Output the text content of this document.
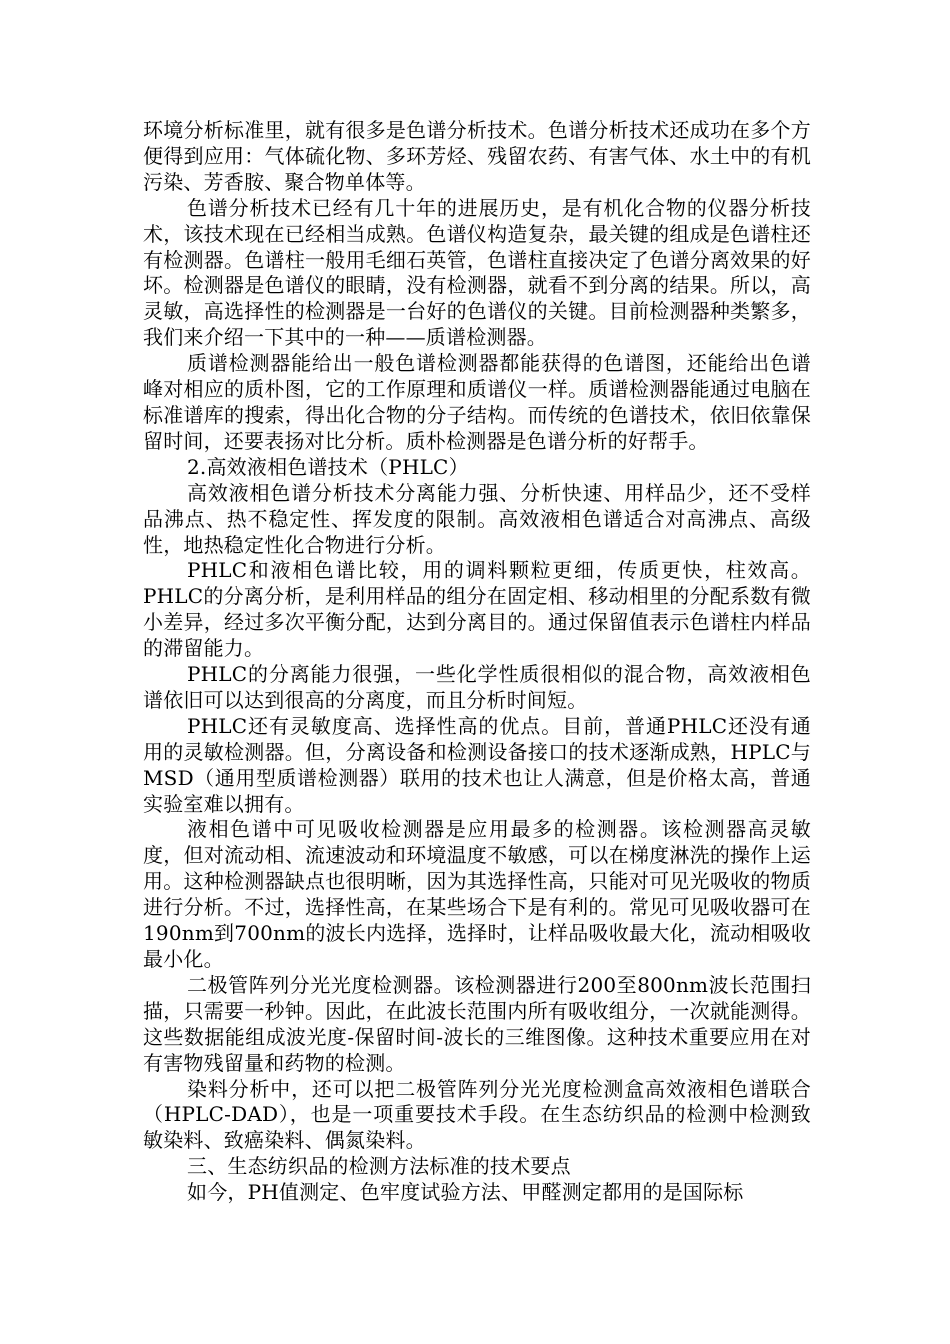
环境分析标准里，就有很多是色谱分析技术。色谱分析技术还成功在多个方便得到应用：气体硫化物、多环芳烃、残留农药、有害气体、水土中的有机污染、芳香胺、聚合物单体等。

色谱分析技术已经有几十年的进展历史，是有机化合物的仪器分析技术，该技术现在已经相当成熟。色谱仪构造复杂，最关键的组成是色谱柱还有检测器。色谱柱一般用毛细石英管，色谱柱直接决定了色谱分离效果的好坏。检测器是色谱仪的眼睛，没有检测器，就看不到分离的结果。所以，高灵敏，高选择性的检测器是一台好的色谱仪的关键。目前检测器种类繁多，我们来介绍一下其中的一种——质谱检测器。

质谱检测器能给出一般色谱检测器都能获得的色谱图，还能给出色谱峰对相应的质朴图，它的工作原理和质谱仪一样。质谱检测器能通过电脑在标准谱库的搜索，得出化合物的分子结构。而传统的色谱技术，依旧依靠保留时间，还要表扬对比分析。质朴检测器是色谱分析的好帮手。

2.高效液相色谱技术（PHLC）

高效液相色谱分析技术分离能力强、分析快速、用样品少，还不受样品沸点、热不稳定性、挥发度的限制。高效液相色谱适合对高沸点、高级性，地热稳定性化合物进行分析。

PHLC和液相色谱比较，用的调料颗粒更细，传质更快，柱效高。PHLC的分离分析，是利用样品的组分在固定相、移动相里的分配系数有微小差异，经过多次平衡分配，达到分离目的。通过保留值表示色谱柱内样品的滞留能力。

PHLC的分离能力很强，一些化学性质很相似的混合物，高效液相色谱依旧可以达到很高的分离度，而且分析时间短。

PHLC还有灵敏度高、选择性高的优点。目前，普通PHLC还没有通用的灵敏检测器。但，分离设备和检测设备接口的技术逐渐成熟，HPLC与MSD（通用型质谱检测器）联用的技术也让人满意，但是价格太高，普通实验室难以拥有。

液相色谱中可见吸收检测器是应用最多的检测器。该检测器高灵敏度，但对流动相、流速波动和环境温度不敏感，可以在梯度淋洗的操作上运用。这种检测器缺点也很明晰，因为其选择性高，只能对可见光吸收的物质进行分析。不过，选择性高，在某些场合下是有利的。常见可见吸收器可在190nm到700nm的波长内选择，选择时，让样品吸收最大化，流动相吸收最小化。

二极管阵列分光光度检测器。该检测器进行200至800nm波长范围扫描，只需要一秒钟。因此，在此波长范围内所有吸收组分，一次就能测得。这些数据能组成波光度-保留时间-波长的三维图像。这种技术重要应用在对有害物残留量和药物的检测。

染料分析中，还可以把二极管阵列分光光度检测盒高效液相色谱联合（HPLC-DAD），也是一项重要技术手段。在生态纺织品的检测中检测致敏染料、致癌染料、偶氮染料。

三、生态纺织品的检测方法标准的技术要点

如今，PH值测定、色牢度试验方法、甲醛测定都用的是国际标
